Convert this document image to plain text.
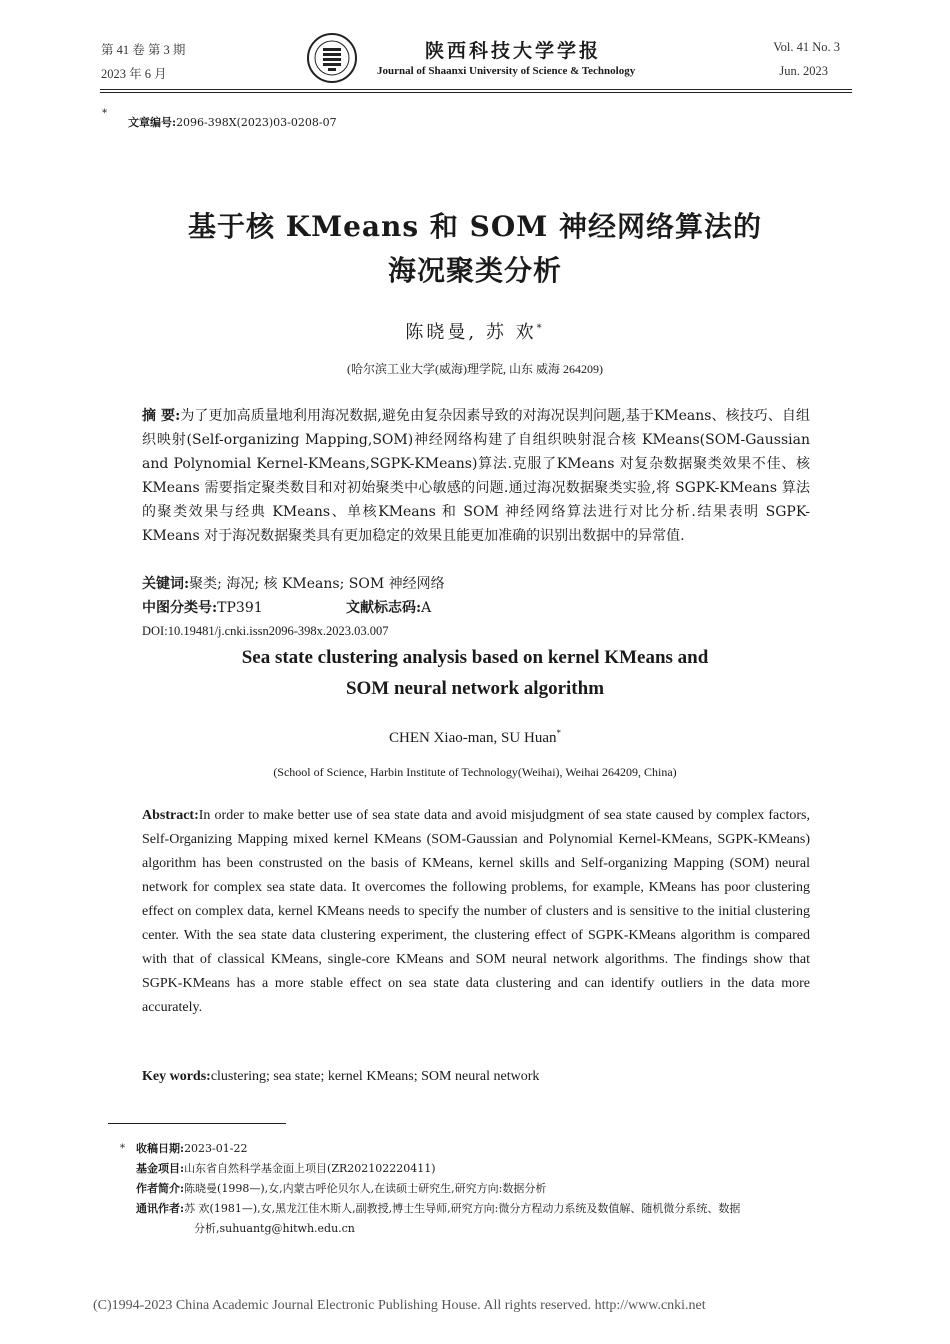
第 41 卷 第 3 期
2023 年 6 月
陕西科技大学学报
Journal of Shaanxi University of Science & Technology
Vol. 41 No. 3
Jun. 2023
*
文章编号:2096-398X(2023)03-0208-07
基于核 KMeans 和 SOM 神经网络算法的
海况聚类分析
陈晓曼, 苏 欢*
(哈尔滨工业大学(威海)理学院, 山东 威海 264209)
摘 要:为了更加高质量地利用海况数据,避免由复杂因素导致的对海况误判问题,基于KMeans、核技巧、自组织映射(Self-organizing Mapping,SOM)神经网络构建了自组织映射混合核 KMeans(SOM-Gaussian and Polynomial Kernel-KMeans,SGPK-KMeans)算法.克服了KMeans 对复杂数据聚类效果不佳、核 KMeans 需要指定聚类数目和对初始聚类中心敏感的问题.通过海况数据聚类实验,将 SGPK-KMeans 算法的聚类效果与经典 KMeans、单核KMeans 和 SOM 神经网络算法进行对比分析.结果表明 SGPK-KMeans 对于海况数据聚类具有更加稳定的效果且能更加准确的识别出数据中的异常值.
关键词:聚类; 海况; 核 KMeans; SOM 神经网络
中图分类号:TP391	文献标志码:A
DOI:10.19481/j.cnki.issn2096-398x.2023.03.007
Sea state clustering analysis based on kernel KMeans and
SOM neural network algorithm
CHEN Xiao-man, SU Huan*
(School of Science, Harbin Institute of Technology(Weihai), Weihai 264209, China)
Abstract:In order to make better use of sea state data and avoid misjudgment of sea state caused by complex factors, Self-Organizing Mapping mixed kernel KMeans (SOM-Gaussian and Polynomial Kernel-KMeans, SGPK-KMeans) algorithm has been construsted on the basis of KMeans, kernel skills and Self-organizing Mapping (SOM) neural network for complex sea state data. It overcomes the following problems, for example, KMeans has poor clustering effect on complex data, kernel KMeans needs to specify the number of clusters and is sensitive to the initial clustering center. With the sea state data clustering experiment, the clustering effect of SGPK-KMeans algorithm is compared with that of classical KMeans, single-core KMeans and SOM neural network algorithms. The findings show that SGPK-KMeans has a more stable effect on sea state data clustering and can identify outliers in the data more accurately.
Key words:clustering; sea state; kernel KMeans; SOM neural network
* 收稿日期:2023-01-22
基金项目:山东省自然科学基金面上项目(ZR202102220411)
作者简介:陈晓曼(1998—),女,内蒙古呼伦贝尔人,在读硕士研究生,研究方向:数据分析
通讯作者:苏 欢(1981—),女,黑龙江佳木斯人,副教授,博士生导师,研究方向:微分方程动力系统及数值解、随机微分系统、数据
分析,suhuantg@hitwh.edu.cn
(C)1994-2023 China Academic Journal Electronic Publishing House. All rights reserved. http://www.cnki.net
